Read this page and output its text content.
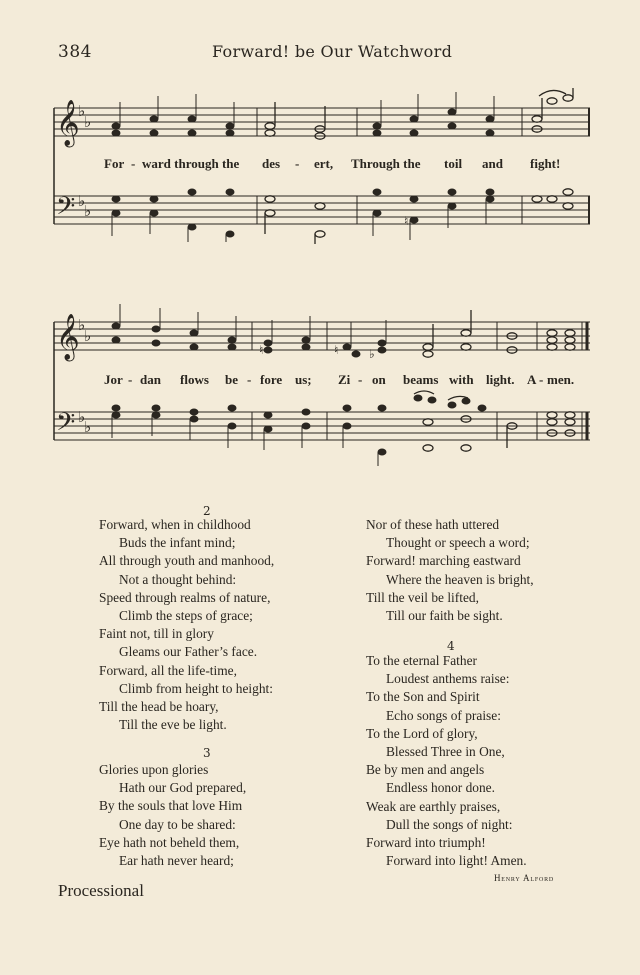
384	Forward! be Our Watchword
𝄞
♭
♭
𝄢 ♭
♭
♮
For - ward through the des - ert, Through the toil and fight!
𝄞
♭
♭
𝄢 ♭
♭
♮	♮	♭
Jor - dan flows be - fore us; Zi - on beams with light. A - men.
2
Forward, when in childhood
Buds the infant mind;
All through youth and manhood,
Not a thought behind:
Speed through realms of nature,
Climb the steps of grace;
Faint not, till in glory
Gleams our Father’s face.
Forward, all the life-time,
Climb from height to height:
Till the head be hoary,
Till the eve be light.
3
Glories upon glories
Hath our God prepared,
By the souls that love Him
One day to be shared:
Eye hath not beheld them,
Ear hath never heard;
Nor of these hath uttered
Thought or speech a word;
Forward! marching eastward
Where the heaven is bright,
Till the veil be lifted,
Till our faith be sight.
4
To the eternal Father
Loudest anthems raise:
To the Son and Spirit
Echo songs of praise:
To the Lord of glory,
Blessed Three in One,
Be by men and angels
Endless honor done.
Weak are earthly praises,
Dull the songs of night:
Forward into triumph!
Forward into light! Amen.
Henry Alford
Processional
